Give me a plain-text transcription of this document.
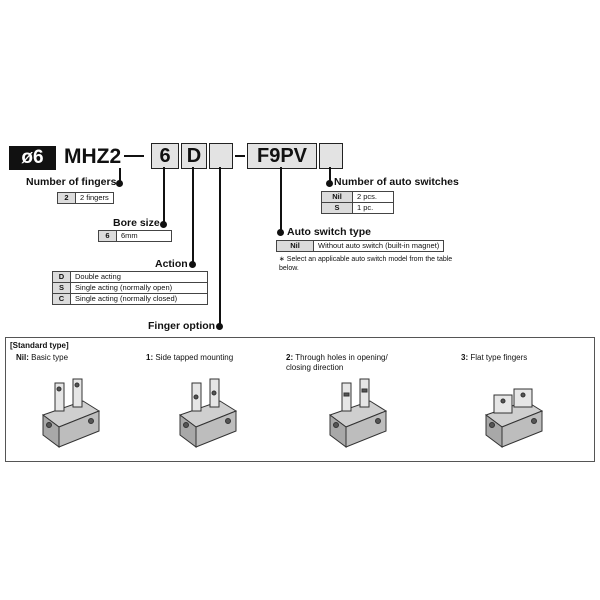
ø6 MHZ2	6 D	F9PV
Number of fingers
2	2 fingers
Bore size
6	6mm
Action
D	Double acting
S	Single acting (normally open)
C	Single acting (normally closed)
Finger option
Number of auto switches
Nil	2 pcs.
S	1 pc.
Auto switch type
Nil	Without auto switch (built-in magnet)
∗ Select an applicable auto switch model from the table below.
[Standard type]
Nil: Basic type	1: Side tapped mounting	2: Through holes in opening/ closing direction
3: Flat type fingers
